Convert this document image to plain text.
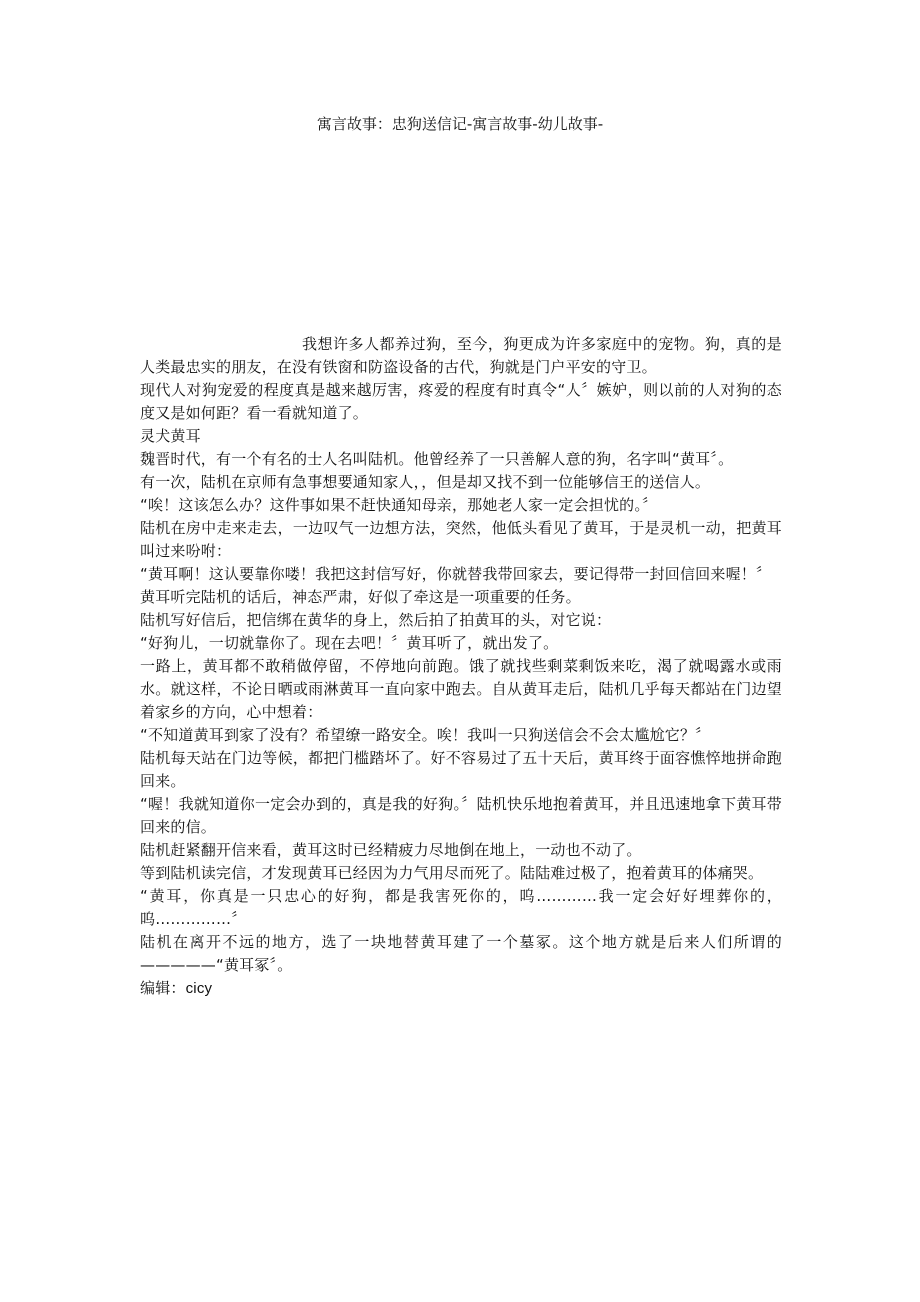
寓言故事：忠狗送信记-寓言故事-幼儿故事-

我想许多人都养过狗，至今，狗更成为许多家庭中的宠物。狗，真的是人类最忠实的朋友，在没有铁窗和防盗设备的古代，狗就是门户平安的守卫。

现代人对狗宠爱的程度真是越来越厉害，疼爱的程度有时真令“人〞嫉妒，则以前的人对狗的态度又是如何距？看一看就知道了。

灵犬黄耳

魏晋时代，有一个有名的士人名叫陆机。他曾经养了一只善解人意的狗，名字叫“黄耳〞。

有一次，陆机在京师有急事想要通知家人，，但是却又找不到一位能够信王的送信人。

“唉！这该怎么办？这件事如果不赶快通知母亲，那她老人家一定会担忧的。〞

陆机在房中走来走去，一边叹气一边想方法，突然，他低头看见了黄耳，于是灵机一动，把黄耳叫过来吩咐：

“黄耳啊！这认要靠你喽！我把这封信写好，你就替我带回家去，要记得带一封回信回来喔！〞

黄耳听完陆机的话后，神态严肃，好似了牵这是一项重要的任务。

陆机写好信后，把信绑在黄华的身上，然后拍了拍黄耳的头，对它说：

“好狗儿，一切就靠你了。现在去吧！〞黄耳听了，就出发了。

一路上，黄耳都不敢稍做停留，不停地向前跑。饿了就找些剩菜剩饭来吃，渴了就喝露水或雨水。就这样，不论日晒或雨淋黄耳一直向家中跑去。自从黄耳走后，陆机几乎每天都站在门边望着家乡的方向，心中想着：

“不知道黄耳到家了没有？希望缭一路安全。唉！我叫一只狗送信会不会太尴尬它？〞

陆机每天站在门边等候，都把门槛踏坏了。好不容易过了五十天后，黄耳终于面容憔悴地拼命跑回来。

“喔！我就知道你一定会办到的，真是我的好狗。〞陆机快乐地抱着黄耳，并且迅速地拿下黄耳带回来的信。

陆机赶紧翻开信来看，黄耳这时已经精疲力尽地倒在地上，一动也不动了。

等到陆机读完信，才发现黄耳已经因为力气用尽而死了。陆陆难过极了，抱着黄耳的体痛哭。

“黄耳，你真是一只忠心的好狗，都是我害死你的，呜…………我一定会好好埋葬你的，呜……………〞

陆机在离开不远的地方，选了一块地替黄耳建了一个墓冢。这个地方就是后来人们所谓的—————“黄耳冢〞。

编辑：cicy
